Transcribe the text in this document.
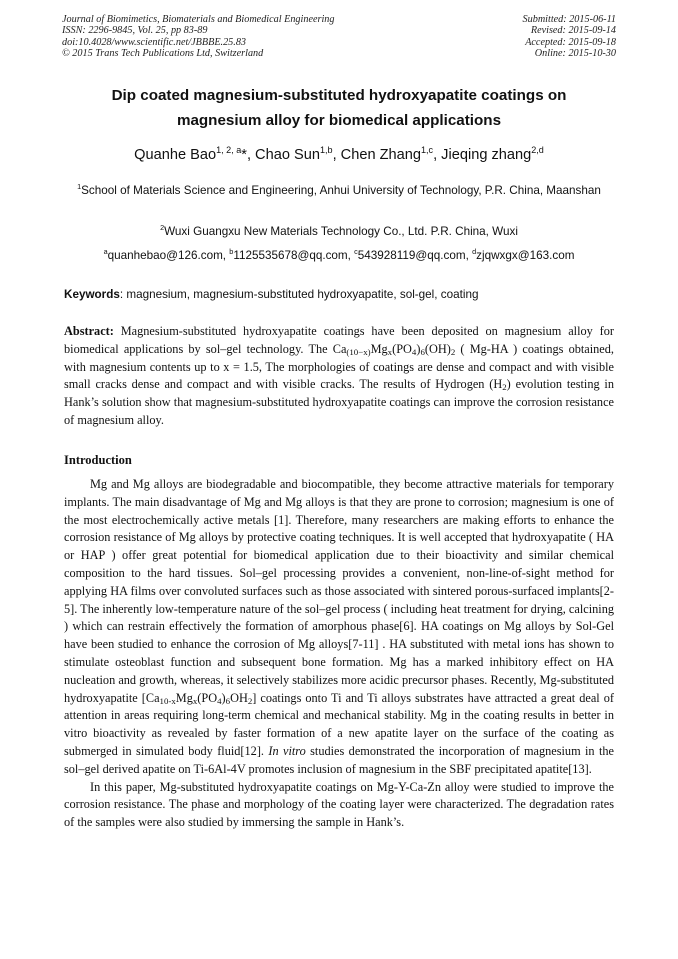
Journal of Biomimetics, Biomaterials and Biomedical Engineering	Submitted: 2015-06-11
ISSN: 2296-9845, Vol. 25, pp 83-89	Revised: 2015-09-14
doi:10.4028/www.scientific.net/JBBBE.25.83	Accepted: 2015-09-18
© 2015 Trans Tech Publications Ltd, Switzerland	Online: 2015-10-30
Dip coated magnesium-substituted hydroxyapatite coatings on
magnesium alloy for biomedical applications
Quanhe Bao$^{1, 2, a}$*, Chao Sun$^{1,b}$, Chen Zhang$^{1,c}$, Jieqing zhang$^{2,d}$
$^1$School of Materials Science and Engineering, Anhui University of Technology, P.R. China, Maanshan
$^2$Wuxi Guangxu New Materials Technology Co., Ltd. P.R. China, Wuxi
$^a$quanhebao@126.com, $^b$1125535678@qq.com, $^c$543928119@qq.com, $^d$zjqwxgx@163.com
Keywords: magnesium, magnesium-substituted hydroxyapatite, sol-gel, coating
Abstract: Magnesium-substituted hydroxyapatite coatings have been deposited on magnesium alloy for biomedical applications by sol–gel technology. The $Ca_{(10-x)}Mg_x(PO_4)_6(OH)_2$ ( Mg-HA ) coatings obtained, with magnesium contents up to x = 1.5, The morphologies of coatings are dense and compact and with visible small cracks dense and compact and with visible cracks. The results of Hydrogen $(H_2)$ evolution testing in Hank’s solution show that magnesium-substituted hydroxyapatite coatings can improve the corrosion resistance of magnesium alloy.
Introduction

Mg and Mg alloys are biodegradable and biocompatible, they become attractive materials for temporary implants. The main disadvantage of Mg and Mg alloys is that they are prone to corrosion; magnesium is one of the most electrochemically active metals [1]. Therefore, many researchers are making efforts to enhance the corrosion resistance of Mg alloys by protective coating techniques. It is well accepted that hydroxyapatite ( HA or HAP ) offer great potential for biomedical application due to their bioactivity and similar chemical composition to the hard tissues. Sol–gel processing provides a convenient, non-line-of-sight method for applying HA films over convoluted surfaces such as those associated with sintered porous-surfaced implants[2-5]. The inherently low-temperature nature of the sol–gel process ( including heat treatment for drying, calcining ) which can restrain effectively the formation of amorphous phase[6]. HA coatings on Mg alloys by Sol-Gel have been studied to enhance the corrosion of Mg alloys[7-11] . HA substituted with metal ions has shown to stimulate osteoblast function and subsequent bone formation. Mg has a marked inhibitory effect on HA nucleation and growth, whereas, it selectively stabilizes more acidic precursor phases. Recently, Mg-substituted hydroxyapatite $[Ca_{10-x}Mg_x(PO_4)_6OH_2]$ coatings onto Ti and Ti alloys substrates have attracted a great deal of attention in areas requiring long-term chemical and mechanical stability. Mg in the coating results in better in vitro bioactivity as revealed by faster formation of a new apatite layer on the surface of the coating as submerged in simulated body fluid[12]. In vitro studies demonstrated the incorporation of magnesium in the sol–gel derived apatite on Ti-6Al-4V promotes inclusion of magnesium in the SBF precipitated apatite[13].

In this paper, Mg-substituted hydroxyapatite coatings on Mg-Y-Ca-Zn alloy were studied to improve the corrosion resistance. The phase and morphology of the coating layer were characterized. The degradation rates of the samples were also studied by immersing the sample in Hank’s.
